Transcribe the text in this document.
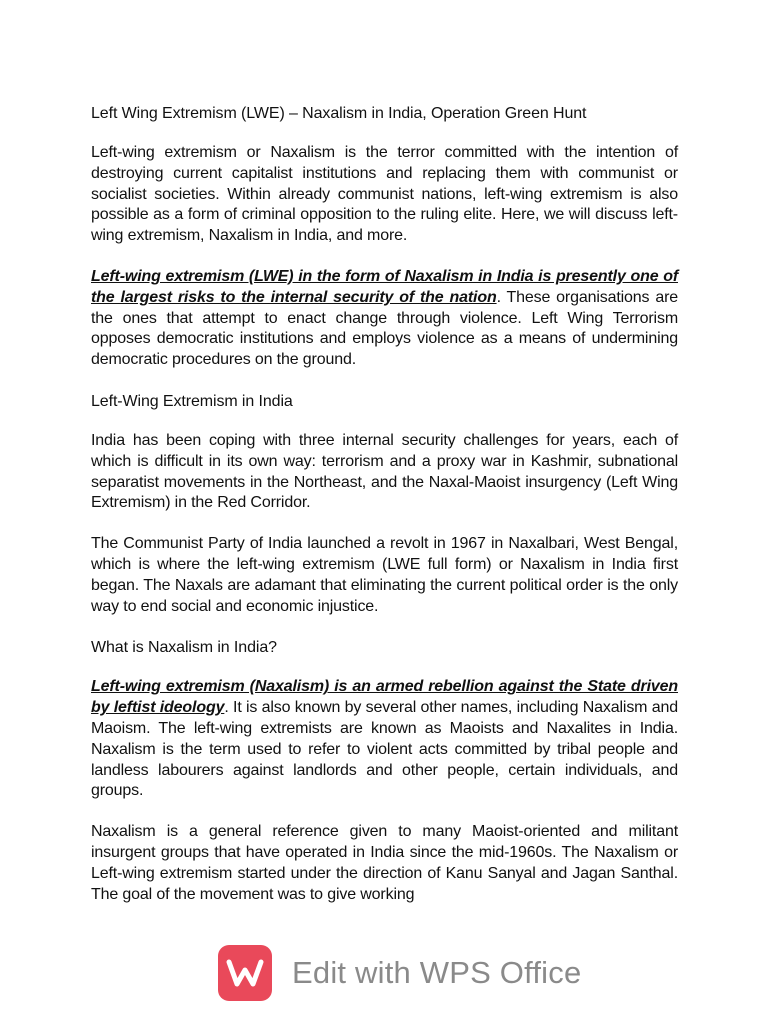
Left Wing Extremism (LWE) – Naxalism in India, Operation Green Hunt

Left-wing extremism or Naxalism is the terror committed with the intention of destroying current capitalist institutions and replacing them with communist or socialist societies. Within already communist nations, left-wing extremism is also possible as a form of criminal opposition to the ruling elite. Here, we will discuss left-wing extremism, Naxalism in India, and more.

Left-wing extremism (LWE) in the form of Naxalism in India is presently one of the largest risks to the internal security of the nation. These organisations are the ones that attempt to enact change through violence. Left Wing Terrorism opposes democratic institutions and employs violence as a means of undermining democratic procedures on the ground.

Left-Wing Extremism in India

India has been coping with three internal security challenges for years, each of which is difficult in its own way: terrorism and a proxy war in Kashmir, subnational separatist movements in the Northeast, and the Naxal-Maoist insurgency (Left Wing Extremism) in the Red Corridor.

The Communist Party of India launched a revolt in 1967 in Naxalbari, West Bengal, which is where the left-wing extremism (LWE full form) or Naxalism in India first began. The Naxals are adamant that eliminating the current political order is the only way to end social and economic injustice.

What is Naxalism in India?

Left-wing extremism (Naxalism) is an armed rebellion against the State driven by leftist ideology. It is also known by several other names, including Naxalism and Maoism. The left-wing extremists are known as Maoists and Naxalites in India. Naxalism is the term used to refer to violent acts committed by tribal people and landless labourers against landlords and other people, certain individuals, and groups.

Naxalism is a general reference given to many Maoist-oriented and militant insurgent groups that have operated in India since the mid-1960s. The Naxalism or Left-wing extremism started under the direction of Kanu Sanyal and Jagan Santhal. The goal of the movement was to give working

Edit with WPS Office
